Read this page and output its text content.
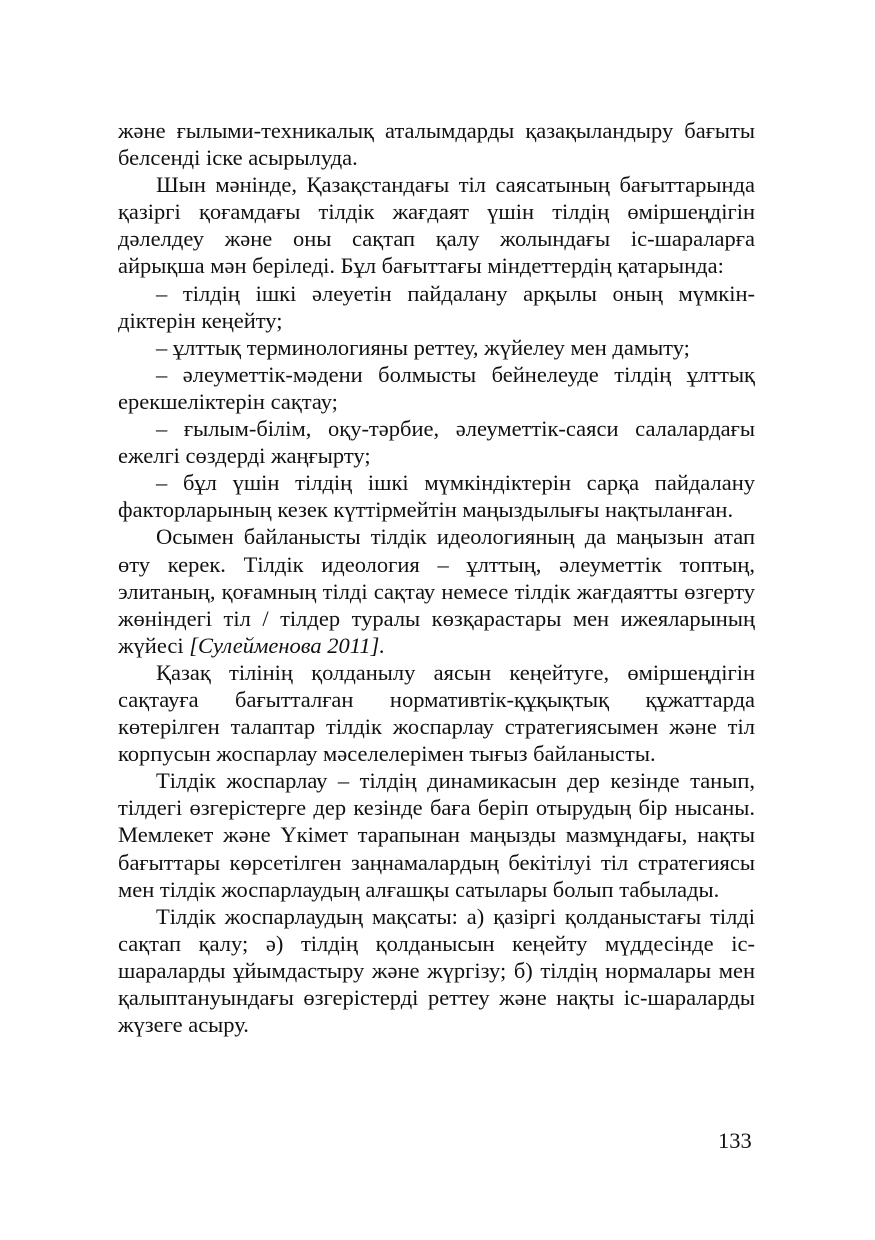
және ғылыми-техникалық аталымдарды қазақыландыру бағыты белсенді іске асырылуда.

Шын мәнінде, Қазақстандағы тіл саясатының бағыттарында қазіргі қоғамдағы тілдік жағдаят үшін тілдің өміршеңдігін дәлелдеу және оны сақтап қалу жолындағы іс-шараларға айрықша мән беріледі. Бұл бағыттағы міндеттердің қатарында:

– тілдің ішкі әлеуетін пайдалану арқылы оның мүмкіндіктерін кеңейту;

– ұлттық терминологияны реттеу, жүйелеу мен дамыту;

– әлеуметтік-мәдени болмысты бейнелеуде тілдің ұлттық ерекшеліктерін сақтау;

– ғылым-білім, оқу-тәрбие, әлеуметтік-саяси салалардағы ежелгі сөздерді жаңғырту;

– бұл үшін тілдің ішкі мүмкіндіктерін сарқа пайдалану факторларының кезек күттірмейтін маңыздылығы нақтыланған.

Осымен байланысты тілдік идеологияның да маңызын атап өту керек. Тілдік идеология – ұлттың, әлеуметтік топтың, элитаның, қоғамның тілді сақтау немесе тілдік жағдаятты өзгерту жөніндегі тіл / тілдер туралы көзқарастары мен ижеяларының жүйесі [Сулейменова 2011].

Қазақ тілінің қолданылу аясын кеңейтуге, өміршеңдігін сақтауға бағытталған нормативтік-құқықтық құжаттарда көтерілген талаптар тілдік жоспарлау стратегиясымен және тіл корпусын жоспарлау мәселелерімен тығыз байланысты.

Тілдік жоспарлау – тілдің динамикасын дер кезінде танып, тілдегі өзгерістерге дер кезінде баға беріп отырудың бір нысаны. Мемлекет және Үкімет тарапынан маңызды мазмұндағы, нақты бағыттары көрсетілген заңнамалардың бекітілуі тіл стратегиясы мен тілдік жоспарлаудың алғашқы сатылары болып табылады.

Тілдік жоспарлаудың мақсаты: а) қазіргі қолданыстағы тілді сақтап қалу; ә) тілдің қолданысын кеңейту мүддесінде іс-шараларды ұйымдастыру және жүргізу; б) тілдің нормалары мен қалыптануындағы өзгерістерді реттеу және нақты іс-шараларды жүзеге асыру.

133
